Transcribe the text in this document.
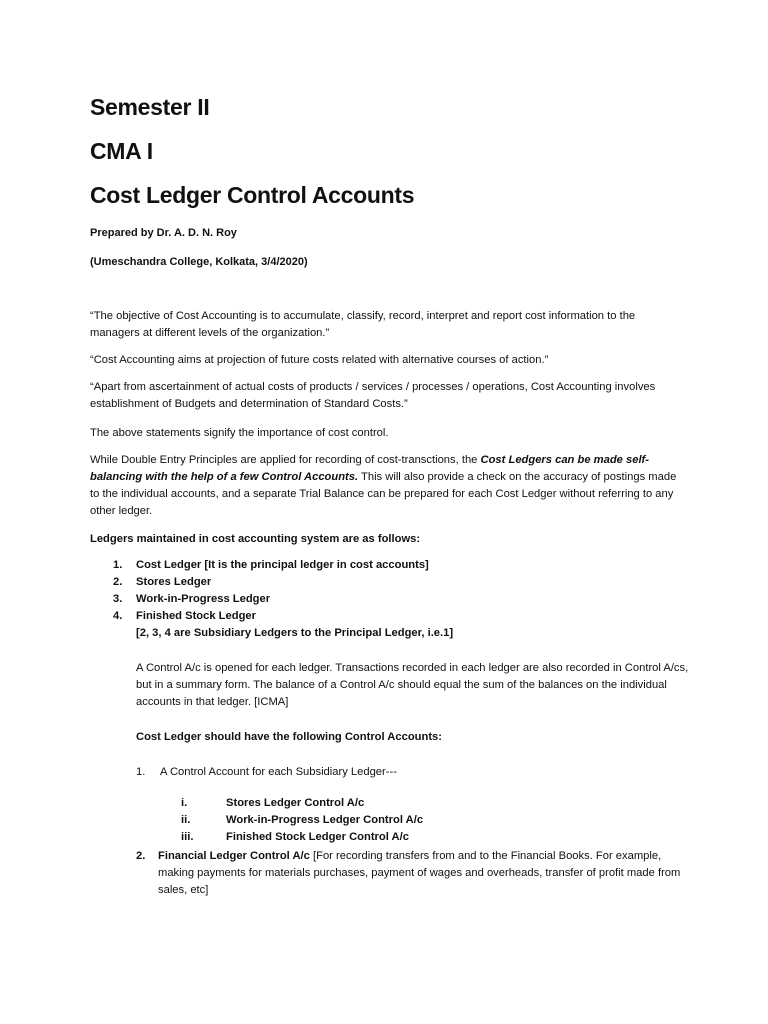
Semester II
CMA I
Cost Ledger Control Accounts

Prepared by Dr. A. D. N. Roy

(Umeschandra College, Kolkata, 3/4/2020)

“The objective of Cost Accounting is to accumulate, classify, record, interpret and report cost information to the managers at different levels of the organization.”

“Cost Accounting aims at projection of future costs related with alternative courses of action.”

“Apart from ascertainment of actual costs of products / services / processes / operations, Cost Accounting involves establishment of Budgets and determination of Standard Costs.”

The above statements signify the importance of cost control.

While Double Entry Principles are applied for recording of cost-transctions, the Cost Ledgers can be made self-balancing with the help of a few Control Accounts. This will also provide a check on the accuracy of postings made to the individual accounts, and a separate Trial Balance can be prepared for each Cost Ledger without referring to any other ledger.

Ledgers maintained in cost accounting system are as follows:

1. Cost Ledger [It is the principal ledger in cost accounts]
2. Stores Ledger
3. Work-in-Progress Ledger
4. Finished Stock Ledger
[2, 3, 4 are Subsidiary Ledgers to the Principal Ledger, i.e.1]

A Control A/c is opened for each ledger. Transactions recorded in each ledger are also recorded in Control A/cs, but in a summary form. The balance of a Control A/c should equal the sum of the balances on the individual accounts in that ledger. [ICMA]

Cost Ledger should have the following Control Accounts:

1. A Control Account for each Subsidiary Ledger---
i.	Stores Ledger Control A/c
ii.	Work-in-Progress Ledger Control A/c
iii.	Finished Stock Ledger Control A/c
2. Financial Ledger Control A/c [For recording transfers from and to the Financial Books. For example, making payments for materials purchases, payment of wages and overheads, transfer of profit made from sales, etc]
